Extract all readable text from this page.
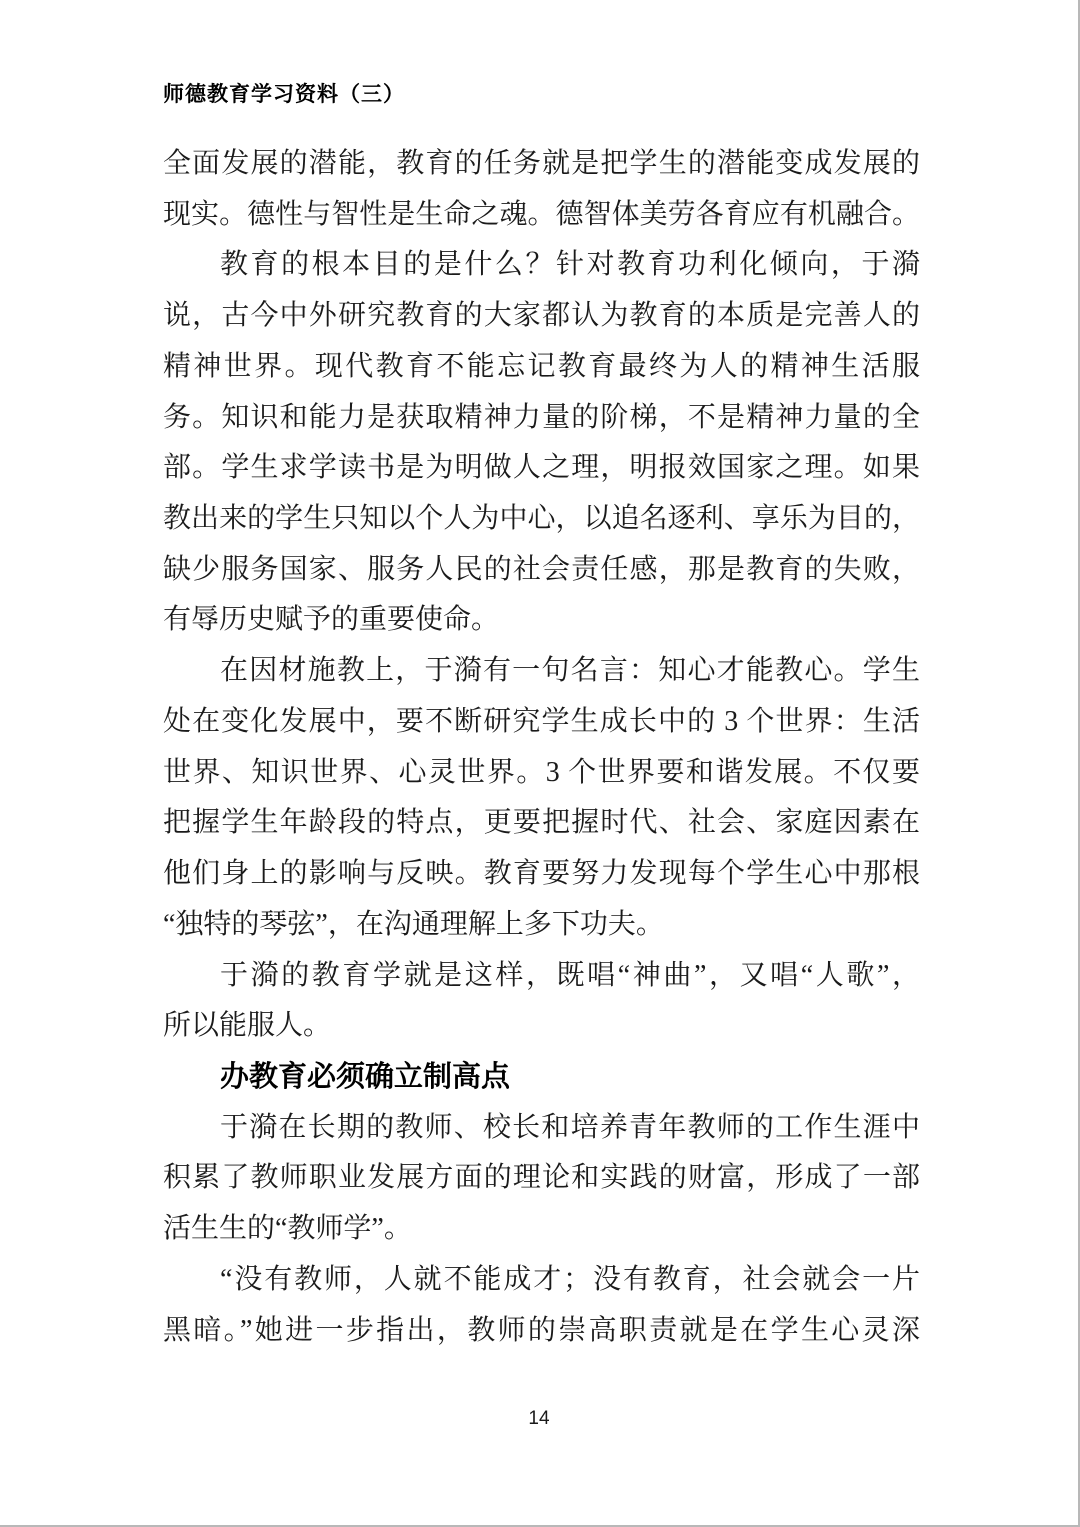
师德教育学习资料（三）
全面发展的潜能，教育的任务就是把学生的潜能变成发展的
现实。德性与智性是生命之魂。德智体美劳各育应有机融合。
教育的根本目的是什么？针对教育功利化倾向，于漪
说，古今中外研究教育的大家都认为教育的本质是完善人的
精神世界。现代教育不能忘记教育最终为人的精神生活服
务。知识和能力是获取精神力量的阶梯，不是精神力量的全
部。学生求学读书是为明做人之理，明报效国家之理。如果
教出来的学生只知以个人为中心，以追名逐利、享乐为目的，
缺少服务国家、服务人民的社会责任感，那是教育的失败，
有辱历史赋予的重要使命。
在因材施教上，于漪有一句名言：知心才能教心。学生
处在变化发展中，要不断研究学生成长中的 3 个世界：生活
世界、知识世界、心灵世界。3 个世界要和谐发展。不仅要
把握学生年龄段的特点，更要把握时代、社会、家庭因素在
他们身上的影响与反映。教育要努力发现每个学生心中那根
“独特的琴弦”，在沟通理解上多下功夫。
于漪的教育学就是这样，既唱“神曲”，又唱“人歌”，
所以能服人。
办教育必须确立制高点
于漪在长期的教师、校长和培养青年教师的工作生涯中
积累了教师职业发展方面的理论和实践的财富，形成了一部
活生生的“教师学”。
“没有教师，人就不能成才；没有教育，社会就会一片
黑暗。”她进一步指出，教师的崇高职责就是在学生心灵深
14
